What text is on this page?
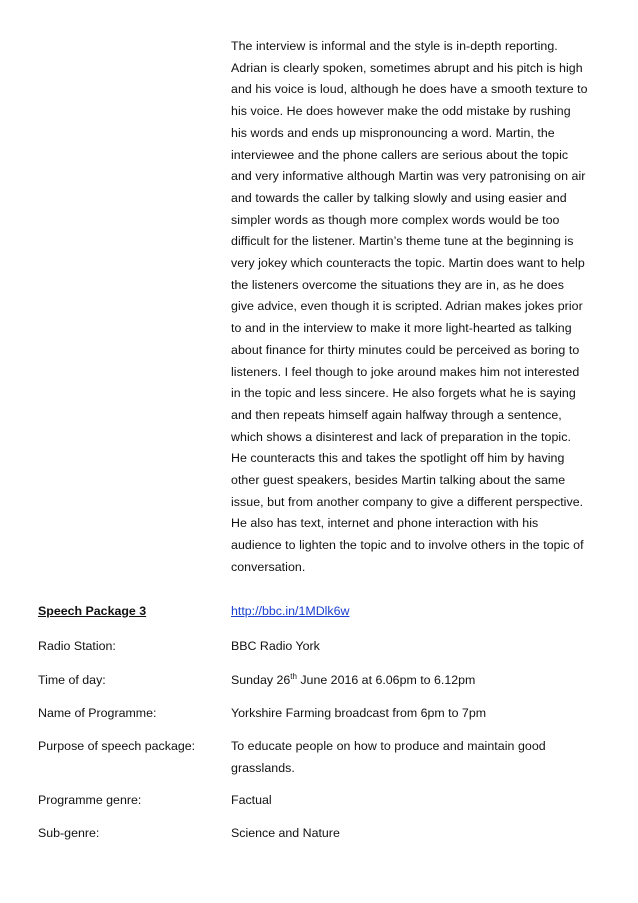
The interview is informal and the style is in-depth reporting.
Adrian is clearly spoken, sometimes abrupt and his pitch is high
and his voice is loud, although he does have a smooth texture to
his voice. He does however make the odd mistake by rushing
his words and ends up mispronouncing a word. Martin, the
interviewee and the phone callers are serious about the topic
and very informative although Martin was very patronising on air
and towards the caller by talking slowly and using easier and
simpler words as though more complex words would be too
difficult for the listener. Martin’s theme tune at the beginning is
very jokey which counteracts the topic. Martin does want to help
the listeners overcome the situations they are in, as he does
give advice, even though it is scripted. Adrian makes jokes prior
to and in the interview to make it more light-hearted as talking
about finance for thirty minutes could be perceived as boring to
listeners. I feel though to joke around makes him not interested
in the topic and less sincere. He also forgets what he is saying
and then repeats himself again halfway through a sentence,
which shows a disinterest and lack of preparation in the topic.
He counteracts this and takes the spotlight off him by having
other guest speakers, besides Martin talking about the same
issue, but from another company to give a different perspective.
He also has text, internet and phone interaction with his
audience to lighten the topic and to involve others in the topic of
conversation.
Speech Package 3	http://bbc.in/1MDlk6w
Radio Station:	BBC Radio York
Time of day:	Sunday 26th June 2016 at 6.06pm to 6.12pm
Name of Programme:	Yorkshire Farming broadcast from 6pm to 7pm
Purpose of speech package:	To educate people on how to produce and maintain good
grasslands.
Programme genre:	Factual
Sub-genre:	Science and Nature
